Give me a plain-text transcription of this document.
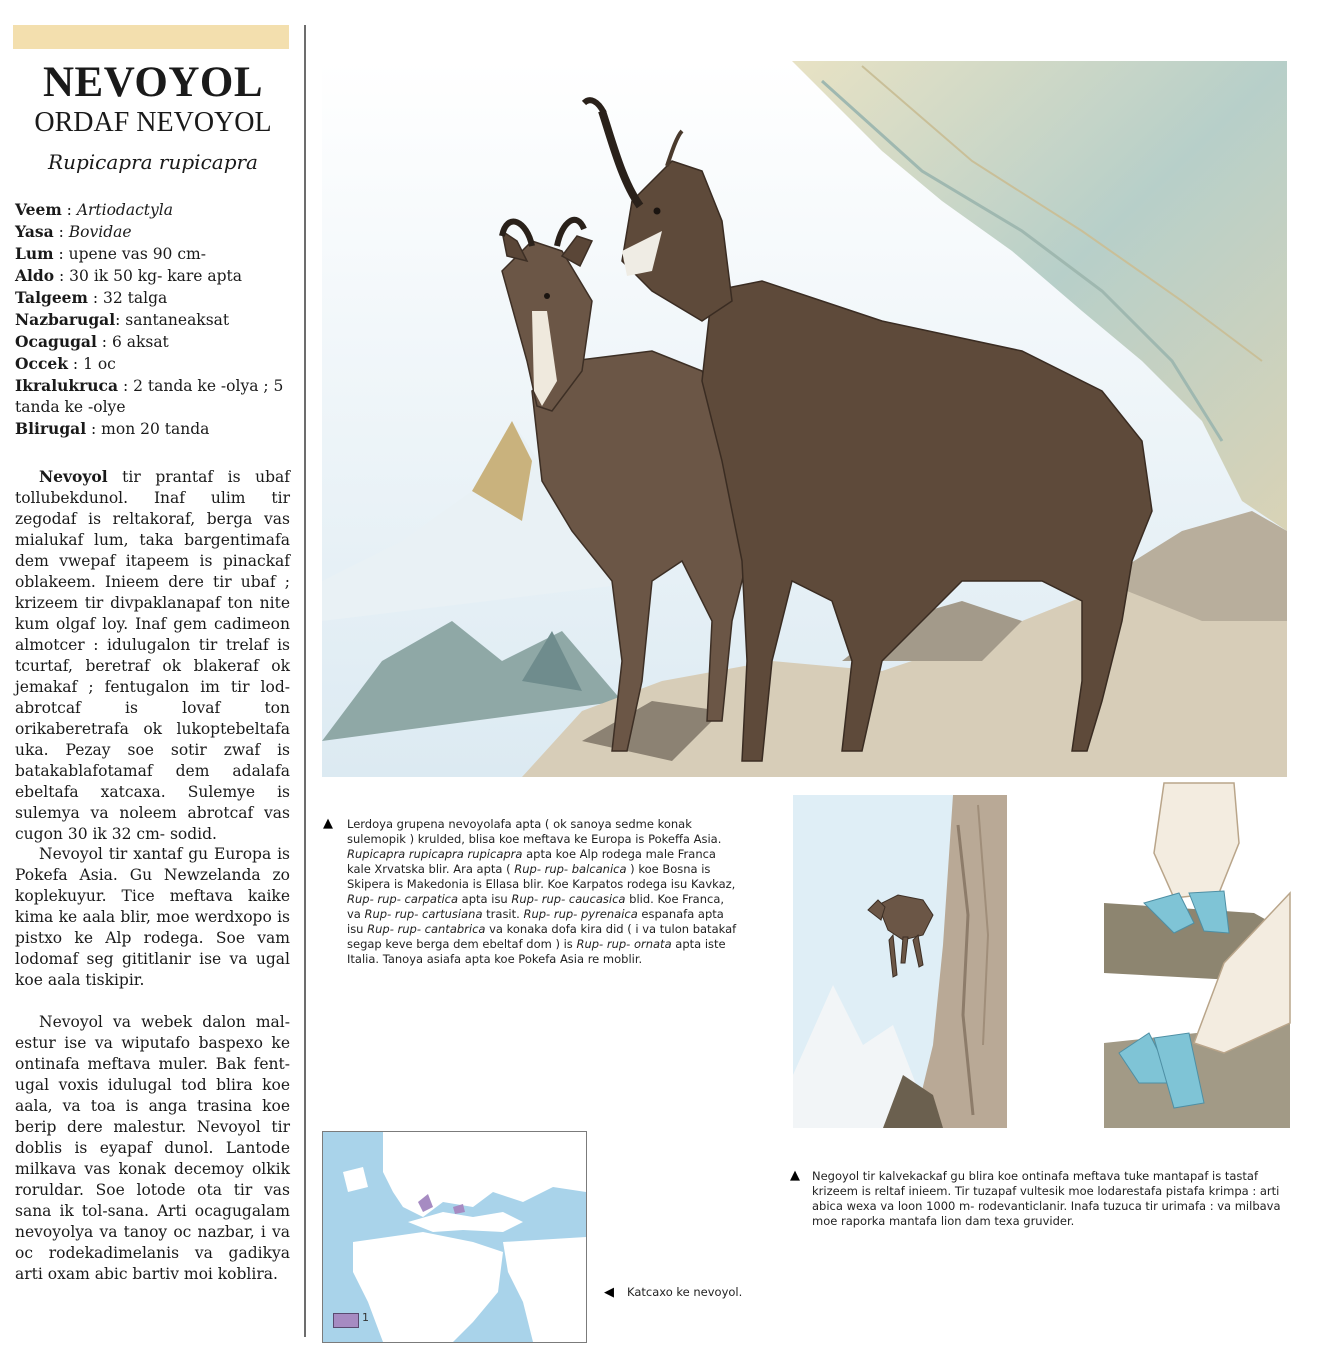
NEVOYOL
ORDAF NEVOYOL
Rupicapra rupicapra
Veem : Artiodactyla
Yasa : Bovidae
Lum : upene vas 90 cm-
Aldo : 30 ik 50 kg- kare apta
Talgeem : 32 talga
Nazbarugal: santaneaksat
Ocagugal : 6 aksat
Occek : 1 oc
Ikralukruca : 2 tanda ke -olya ; 5 tanda ke -olye
Blirugal : mon 20 tanda
Nevoyol tir prantaf is ubaf tollubekdunol. Inaf ulim tir zegodaf is reltakoraf, berga vas mialukaf lum, taka bargentimafa dem vwepaf itapeem is pinackaf oblakeem. Inieem dere tir ubaf ; krizeem tir divpaklanapaf ton nite kum olgaf loy. Inaf gem cadimeon almotcer : idulugalon tir trelaf is tcurtaf, beretraf ok blakeraf ok jemakaf ; fentugalon im tir lod-abrotcaf is lovaf ton orikaberetrafa ok lukoptebeltafa uka. Pezay soe sotir zwaf is batakablafotamaf dem adalafa ebeltafa xatcaxa. Sulemye is sulemya va noleem abrotcaf vas cugon 30 ik 32 cm- sodid.
Nevoyol tir xantaf gu Europa is Pokefa Asia. Gu Newzelanda zo koplekuyur. Tice meftava kaike kima ke aala blir, moe werdxopo is pistxo ke Alp rodega. Soe vam lodomaf seg gititlanir ise va ugal koe aala tiskipir.
Nevoyol va webek dalon mal-estur ise va wiputafo baspexo ke ontinafa meftava muler. Bak fent-ugal voxis idulugal tod blira koe aala, va toa is anga trasina koe berip dere malestur. Nevoyol tir doblis is eyapaf dunol. Lantode milkava vas konak decemoy olkik roruldar. Soe lotode ota tir vas sana ik tol-sana. Arti ocagugalam nevoyolya va tanoy oc nazbar, i va oc rodekadimelanis va gadikya arti oxam abic bartiv moi koblira.
1
▲ Lerdoya grupena nevoyolafa apta ( ok sanoya sedme konak sulemopik ) krulded, blisa koe meftava ke Europa is Pokeffa Asia. Rupicapra rupicapra rupicapra apta koe Alp rodega male Franca kale Xrvatska blir. Ara apta ( Rup- rup- balcanica ) koe Bosna is Skipera is Makedonia is Ellasa blir. Koe Karpatos rodega isu Kavkaz, Rup- rup- carpatica apta isu Rup- rup- caucasica blid. Koe Franca, va Rup- rup- cartusiana trasit. Rup- rup- pyrenaica espanafa apta isu Rup- rup- cantabrica va konaka dofa kira did ( i va tulon batakaf segap keve berga dem ebeltaf dom ) is Rup- rup- ornata apta iste Italia. Tanoya asiafa apta koe Pokefa Asia re moblir.
▲ Negoyol tir kalvekackaf gu blira koe ontinafa meftava tuke mantapaf is tastaf krizeem is reltaf inieem. Tir tuzapaf vultesik moe lodarestafa pistafa krimpa : arti abica wexa va loon 1000 m- rodevanticlanir. Inafa tuzuca tir urimafa : va milbava moe raporka mantafa lion dam texa gruvider.
◀ Katcaxo ke nevoyol.
